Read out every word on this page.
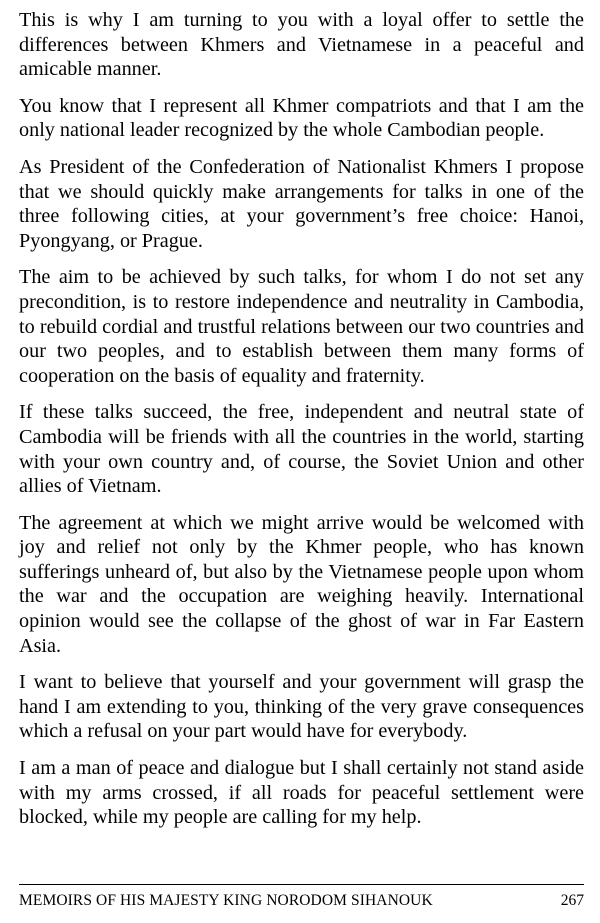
This is why I am turning to you with a loyal offer to settle the differences between Khmers and Vietnamese in a peaceful and amicable manner.

You know that I represent all Khmer compatriots and that I am the only national leader recognized by the whole Cambodian people.

As President of the Confederation of Nationalist Khmers I propose that we should quickly make arrangements for talks in one of the three following cities, at your government’s free choice: Hanoi, Pyongyang, or Prague.

The aim to be achieved by such talks, for whom I do not set any precondition, is to restore independence and neutrality in Cambodia, to rebuild cordial and trustful relations between our two countries and our two peoples, and to establish between them many forms of cooperation on the basis of equality and fraternity.

If these talks succeed, the free, independent and neutral state of Cambodia will be friends with all the countries in the world, starting with your own country and, of course, the Soviet Union and other allies of Vietnam.

The agreement at which we might arrive would be welcomed with joy and relief not only by the Khmer people, who has known sufferings unheard of, but also by the Vietnamese people upon whom the war and the occupation are weighing heavily. International opinion would see the collapse of the ghost of war in Far Eastern Asia.

I want to believe that yourself and your government will grasp the hand I am extending to you, thinking of the very grave consequences which a refusal on your part would have for everybody.

I am a man of peace and dialogue but I shall certainly not stand aside with my arms crossed, if all roads for peaceful settlement were blocked, while my people are calling for my help.

MEMOIRS OF HIS MAJESTY KING NORODOM SIHANOUK	267
